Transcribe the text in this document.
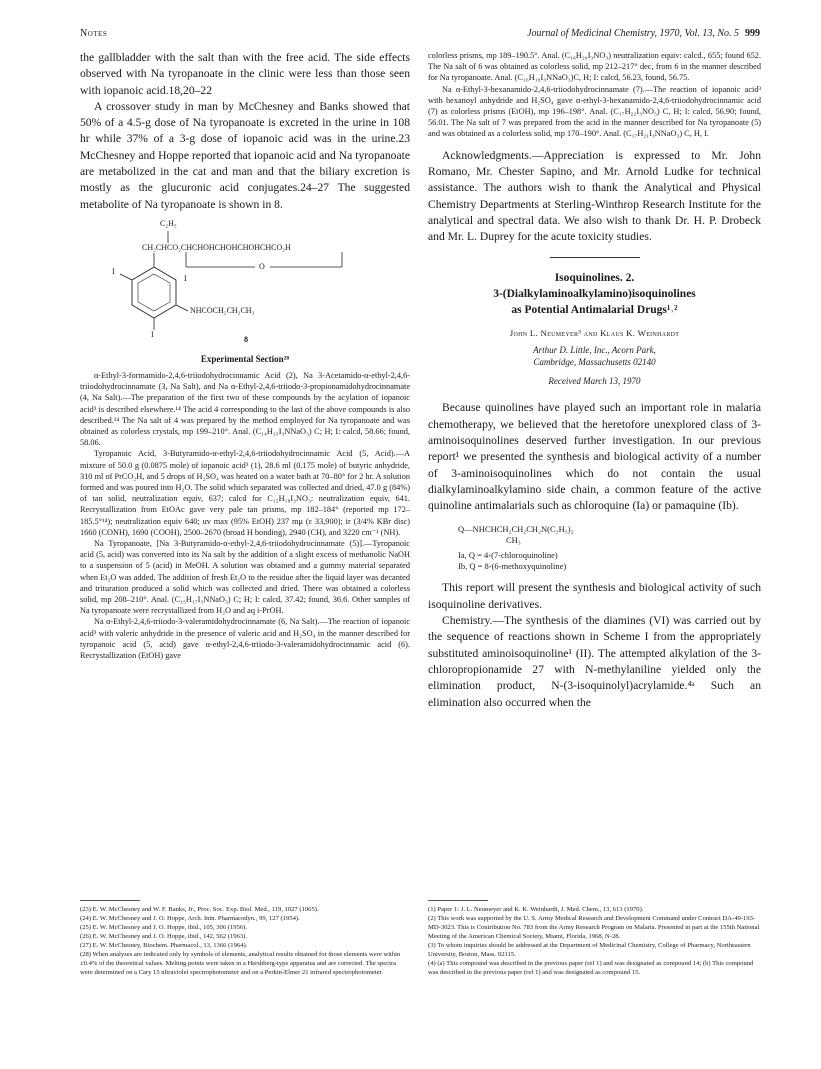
Notes	Journal of Medicinal Chemistry, 1970, Vol. 13, No. 5 999

the gallbladder with the salt than with the free acid. The side effects observed with Na tyropanoate in the clinic were less than those seen with iopanoic acid.18,20–22

A crossover study in man by McChesney and Banks showed that 50% of a 4.5-g dose of Na tyropanoate is excreted in the urine in 108 hr while 37% of a 3-g dose of iopanoic acid was in the urine.23 McChesney and Hoppe reported that iopanoic acid and Na tyropanoate are metabolized in the cat and man and that the biliary excretion is mostly as the glucuronic acid conjugates.24–27 The suggested metabolite of Na tyropanoate is shown in 8.

C₂H₅
CH₂CHCO₂CHCHOHCHOHCHOHCHCO₂H
O
I
I
I
NHCOCH₂CH₂CH₃
8
Experimental Section²⁸

α-Ethyl-3-formamido-2,4,6-triiodohydrocinnamic Acid (2), Na 3-Acetamido-α-ethyl-2,4,6-triiodohydrocinnamate (3, Na Salt), and Na α-Ethyl-2,4,6-triiodo-3-propionamidohydrocinnamate (4, Na Salt).—The preparation of the first two of these compounds by the acylation of iopanoic acid³ is described elsewhere.¹⁴ The acid 4 corresponding to the last of the above compounds is also described.¹⁴ The Na salt of 4 was prepared by the method employed for Na tyropanoate and was obtained as colorless crystals, mp 199–210°. Anal. (C₁₄H₁₅I₃NNaO₃) C; H; I: calcd, 58.66; found, 58.06.

Tyropanoic Acid, 3-Butyramido-α-ethyl-2,4,6-triiodohydrocinnamic Acid (5, Acid).—A mixture of 50.0 g (0.0875 mole) of iopanoic acid³ (1), 28.6 ml (0.175 mole) of butyric anhydride, 310 ml of PrCO₂H, and 5 drops of H₂SO₄ was heated on a water bath at 70–80° for 2 hr. A solution formed and was poured into H₂O. The solid which separated was collected and dried, 47.0 g (84%) of tan solid, neutralization equiv, 637; calcd for C₁₅H₁₈I₃NO₃: neutralization equiv, 641. Recrystallization from EtOAc gave very pale tan prisms, mp 182–184° (reported mp 172–185.5°¹⁴); neutralization equiv 640; uv max (95% EtOH) 237 mμ (ε 33,900); ir (3/4% KBr disc) 1660 (CONH), 1690 (COOH), 2500–2670 (broad H bonding), 2940 (CH), and 3220 cm⁻¹ (NH).

Na Tyropanoate, [Na 3-Butyramido-α-ethyl-2,4,6-triiodohydrocinnamate (5)].—Tyropanoic acid (5, acid) was converted into its Na salt by the addition of a slight excess of methanolic NaOH to a suspension of 5 (acid) in MeOH. A solution was obtained and a gummy material separated when Et₂O was added. The addition of fresh Et₂O to the residue after the liquid layer was decanted and trituration produced a solid which was collected and dried. There was obtained a colorless solid, mp 208–210°. Anal. (C₁₅H₁₇I₃NNaO₃) C; H; I: calcd, 37.42; found, 36.6. Other samples of Na tyropanoate were recrystallized from H₂O and aq i-PrOH.

Na α-Ethyl-2,4,6-triiodo-3-valeramidohydrocinnamate (6, Na Salt).—The reaction of iopanoic acid³ with valeric anhydride in the presence of valeric acid and H₂SO₄ in the manner described for tyropanoic acid (5, acid) gave α-ethyl-2,4,6-triiodo-3-valeramidohydrocinnamic acid (6). Recrystallization (EtOH) gave

colorless prisms, mp 189–190.5°. Anal. (C₁₆H₂₀I₃NO₃) neutralization equiv: calcd., 655; found 652. The Na salt of 6 was obtained as colorless solid, mp 212–217° dec, from 6 in the manner described for Na tyropanoate. Anal. (C₁₆H₁₉I₃NNaO₃)C, H; I: calcd, 56.23, found, 56.75.

Na α-Ethyl-3-hexanamido-2,4,6-triiodohydrocinnamate (7).—The reaction of iopanoic acid³ with hexanoyl anhydride and H₂SO₄ gave α-ethyl-3-hexanamido-2,4,6-triiodohydrocinnamic acid (7) as colorless prisms (EtOH), mp 196–198°. Anal. (C₁₇H₂₂I₃NO₃) C, H; I: calcd, 56.90; found, 56.01. The Na salt of 7 was prepared from the acid in the manner described for Na tyropanoate (5) and was obtained as a colorless solid, mp 170–190°. Anal. (C₁₇H₂₁I₃NNaO₃) C, H, I.

Acknowledgments.—Appreciation is expressed to Mr. John Romano, Mr. Chester Sapino, and Mr. Arnold Ludke for technical assistance. The authors wish to thank the Analytical and Physical Chemistry Departments at Sterling-Winthrop Research Institute for the analytical and spectral data. We also wish to thank Dr. H. P. Drobeck and Mr. L. Duprey for the acute toxicity studies.

Isoquinolines. 2.
3-(Dialkylaminoalkylamino)isoquinolines
as Potential Antimalarial Drugs¹˒²
John L. Neumeyer³ and Klaus K. Weinhardt
Arthur D. Little, Inc., Acorn Park,
Cambridge, Massachusetts 02140
Received March 13, 1970

Because quinolines have played such an important role in malaria chemotherapy, we believed that the heretofore unexplored class of 3-aminoisoquinolines deserved further investigation. In our previous report¹ we presented the synthesis and biological activity of a number of 3-aminoisoquinolines which do not contain the usual dialkylaminoalkylamino side chain, a common feature of the active quinoline antimalarials such as chloroquine (Ia) or pamaquine (Ib).

Q—NHCHCH₂CH₂CH₂N(C₂H₅)₂
CH₃
Ia, Q = 4-(7-chloroquinoline)
Ib, Q = 8-(6-methoxyquinoline)

This report will present the synthesis and biological activity of such isoquinoline derivatives.

Chemistry.—The synthesis of the diamines (VI) was carried out by the sequence of reactions shown in Scheme I from the appropriately substituted aminoisoquinoline¹ (II). The attempted alkylation of the 3-chloropropionamide 27 with N-methylaniline yielded only the elimination product, N-(3-isoquinolyl)acrylamide.⁴ᵃ Such an elimination also occurred when the

(23) E. W. McChesney and W. F. Banks, Jr., Proc. Soc. Exp. Biol. Med., 119, 1027 (1965).
(24) E. W. McChesney and J. O. Hoppe, Arch. Intn. Pharmacodyn., 99, 127 (1954).
(25) E. W. McChesney and J. O. Hoppe, ibid., 105, 306 (1956).
(26) E. W. McChesney and J. O. Hoppe, ibid., 142, 562 (1963).
(27) E. W. McChesney, Biochem. Pharmacol., 13, 1366 (1964).
(28) When analyses are indicated only by symbols of elements, analytical results obtained for those elements were within ±0.4% of the theoretical values. Melting points were taken in a Hershberg-type apparatus and are corrected. The spectra were determined on a Cary 15 ultraviolet spectrophotometer and on a Perkin-Elmer 21 infrared spectrophotometer.
(1) Paper 1: J. L. Neumeyer and K. K. Weinhardt, J. Med. Chem., 13, 613 (1970).
(2) This work was supported by the U. S. Army Medical Research and Development Command under Contract DA-49-193-MD-3023. This is Contribution No. 783 from the Army Research Program on Malaria. Presented in part at the 155th National Meeting of the American Chemical Society, Miami, Florida, 1968, N-28.
(3) To whom inquiries should be addressed at the Department of Medicinal Chemistry, College of Pharmacy, Northeastern University, Boston, Mass. 02115.
(4) (a) This compound was described in the previous paper (ref 1) and was designated as compound 14; (b) This compound was described in the previous paper (ref 1) and was designated as compound 15.
